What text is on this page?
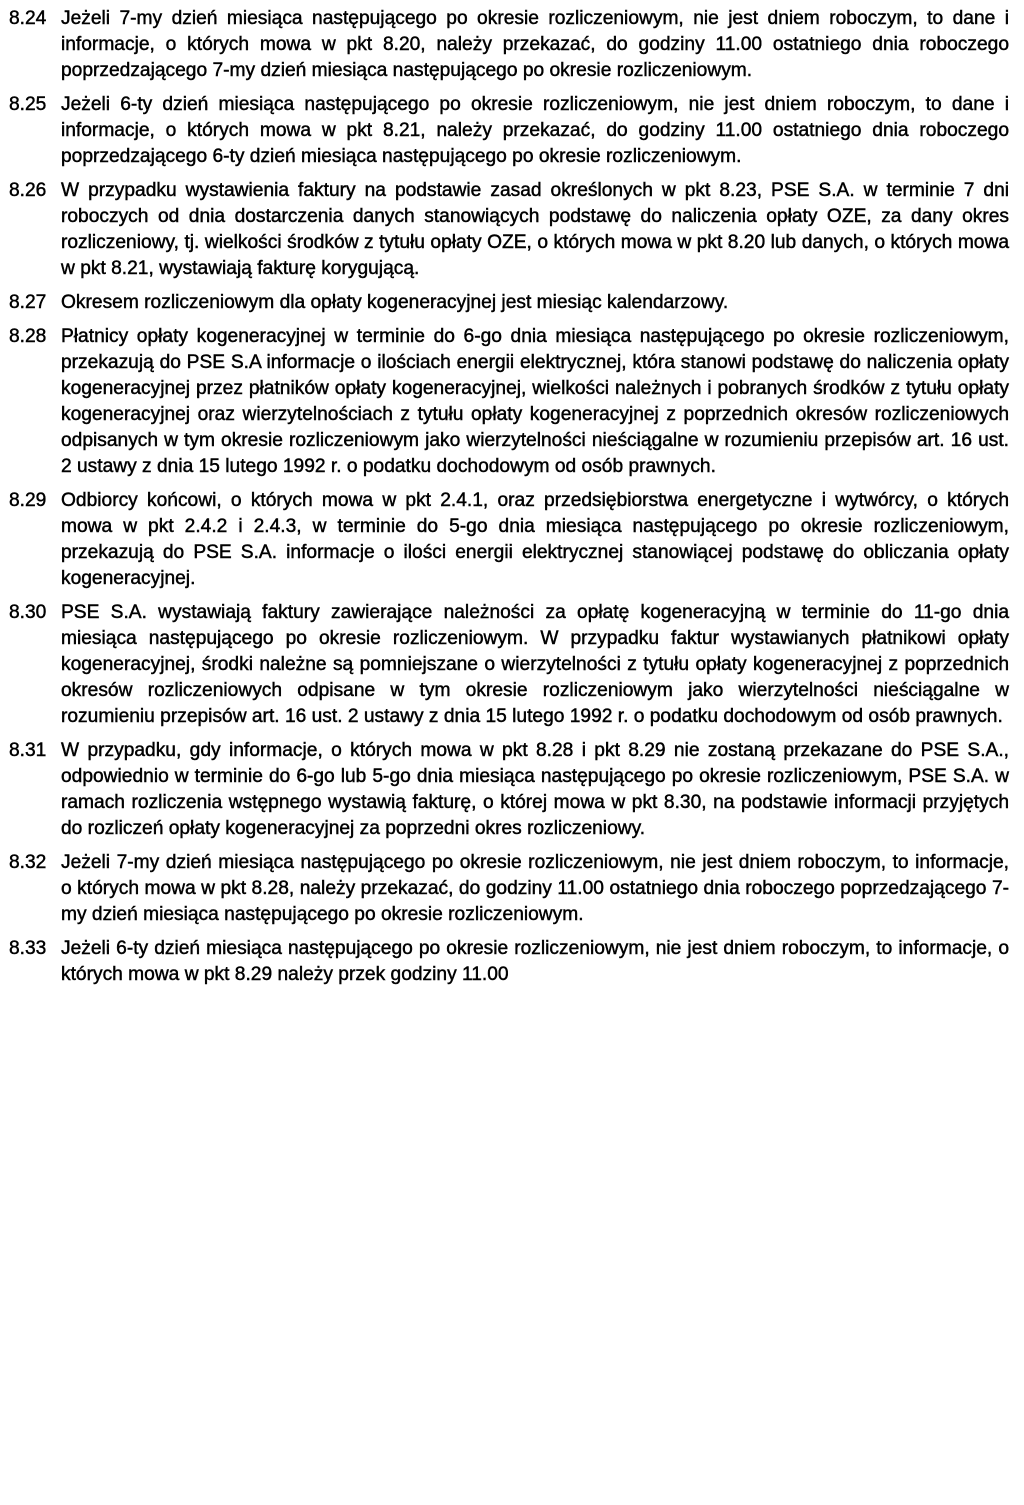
8.24 Jeżeli 7-my dzień miesiąca następującego po okresie rozliczeniowym, nie jest dniem roboczym, to dane i informacje, o których mowa w pkt 8.20, należy przekazać, do godziny 11.00 ostatniego dnia roboczego poprzedzającego 7-my dzień miesiąca następującego po okresie rozliczeniowym.
8.25 Jeżeli 6-ty dzień miesiąca następującego po okresie rozliczeniowym, nie jest dniem roboczym, to dane i informacje, o których mowa w pkt 8.21, należy przekazać, do godziny 11.00 ostatniego dnia roboczego poprzedzającego 6-ty dzień miesiąca następującego po okresie rozliczeniowym.
8.26 W przypadku wystawienia faktury na podstawie zasad określonych w pkt 8.23, PSE S.A. w terminie 7 dni roboczych od dnia dostarczenia danych stanowiących podstawę do naliczenia opłaty OZE, za dany okres rozliczeniowy, tj. wielkości środków z tytułu opłaty OZE, o których mowa w pkt 8.20 lub danych, o których mowa w pkt 8.21, wystawiają fakturę korygującą.
8.27 Okresem rozliczeniowym dla opłaty kogeneracyjnej jest miesiąc kalendarzowy.
8.28 Płatnicy opłaty kogeneracyjnej w terminie do 6-go dnia miesiąca następującego po okresie rozliczeniowym, przekazują do PSE S.A informacje o ilościach energii elektrycznej, która stanowi podstawę do naliczenia opłaty kogeneracyjnej przez płatników opłaty kogeneracyjnej, wielkości należnych i pobranych środków z tytułu opłaty kogeneracyjnej oraz wierzytelnościach z tytułu opłaty kogeneracyjnej z poprzednich okresów rozliczeniowych odpisanych w tym okresie rozliczeniowym jako wierzytelności nieściągalne w rozumieniu przepisów art. 16 ust. 2 ustawy z dnia 15 lutego 1992 r. o podatku dochodowym od osób prawnych.
8.29 Odbiorcy końcowi, o których mowa w pkt 2.4.1, oraz przedsiębiorstwa energetyczne i wytwórcy, o których mowa w pkt 2.4.2 i 2.4.3, w terminie do 5-go dnia miesiąca następującego po okresie rozliczeniowym, przekazują do PSE S.A. informacje o ilości energii elektrycznej stanowiącej podstawę do obliczania opłaty kogeneracyjnej.
8.30 PSE S.A. wystawiają faktury zawierające należności za opłatę kogeneracyjną w terminie do 11-go dnia miesiąca następującego po okresie rozliczeniowym. W przypadku faktur wystawianych płatnikowi opłaty kogeneracyjnej, środki należne są pomniejszane o wierzytelności z tytułu opłaty kogeneracyjnej z poprzednich okresów rozliczeniowych odpisane w tym okresie rozliczeniowym jako wierzytelności nieściągalne w rozumieniu przepisów art. 16 ust. 2 ustawy z dnia 15 lutego 1992 r. o podatku dochodowym od osób prawnych.
8.31 W przypadku, gdy informacje, o których mowa w pkt 8.28 i pkt 8.29 nie zostaną przekazane do PSE S.A., odpowiednio w terminie do 6-go lub 5-go dnia miesiąca następującego po okresie rozliczeniowym, PSE S.A. w ramach rozliczenia wstępnego wystawią fakturę, o której mowa w pkt 8.30, na podstawie informacji przyjętych do rozliczeń opłaty kogeneracyjnej za poprzedni okres rozliczeniowy.
8.32 Jeżeli 7-my dzień miesiąca następującego po okresie rozliczeniowym, nie jest dniem roboczym, to informacje, o których mowa w pkt 8.28, należy przekazać, do godziny 11.00 ostatniego dnia roboczego poprzedzającego 7-my dzień miesiąca następującego po okresie rozliczeniowym.
8.33 Jeżeli 6-ty dzień miesiąca następującego po okresie rozliczeniowym, nie jest dniem roboczym, to informacje, o których mowa w pkt 8.29 należy przek godziny 11.00
